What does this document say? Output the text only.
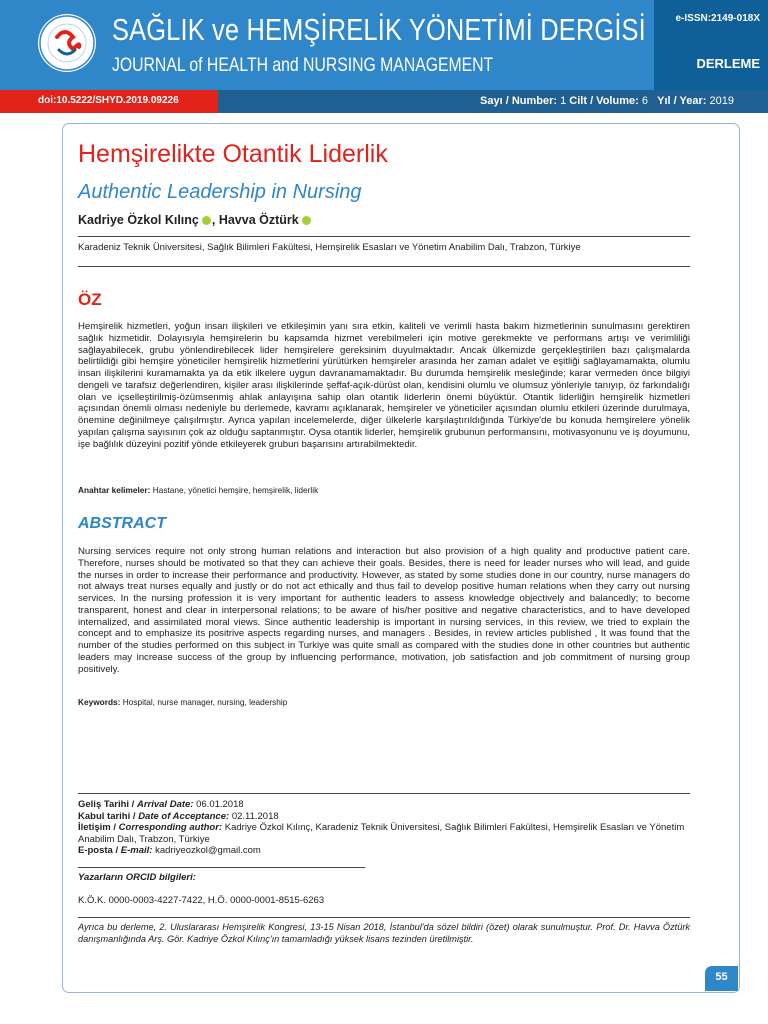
SAĞLIK ve HEMŞİRELİK YÖNETİMİ DERGİSİ
JOURNAL of HEALTH and NURSING MANAGEMENT
e-ISSN:2149-018X
DERLEME
doi:10.5222/SHYD.2019.09226	Sayı / Number: 1 Cilt / Volume: 6 Yıl / Year: 2019
Hemşirelikte Otantik Liderlik
Authentic Leadership in Nursing
Kadriye Özkol Kılınç , Havva Öztürk
Karadeniz Teknik Üniversitesi, Sağlık Bilimleri Fakültesi, Hemşirelik Esasları ve Yönetim Anabilim Dalı, Trabzon, Türkiye
ÖZ
Hemşirelik hizmetleri, yoğun insan ilişkileri ve etkileşimin yanı sıra etkin, kaliteli ve verimli hasta bakım hizmetlerinin sunulmasını gerektiren sağlık hizmetidir. Dolayısıyla hemşirelerin bu kapsamda hizmet verebilmeleri için motive gerekmekte ve performans artışı ve verimliliği sağlayabilecek, grubu yönlendirebilecek lider hemşirelere gereksinim duyulmaktadır. Ancak ülkemizde gerçekleştirilen bazı çalışmalarda belirtildiği gibi hemşire yöneticiler hemşirelik hizmetlerini yürütürken hemşireler arasında her zaman adalet ve eşitliği sağlayamamakta, olumlu insan ilişkilerini kuramamakta ya da etik ilkelere uygun davranamamaktadır. Bu durumda hemşirelik mesleğinde; karar vermeden önce bilgiyi dengeli ve tarafsız değerlendiren, kişiler arası ilişkilerinde şeffaf-açık-dürüst olan, kendisini olumlu ve olumsuz yönleriyle tanıyıp, öz farkındalığı olan ve içselleştirilmiş-özümsenmiş ahlak anlayışına sahip olan otantik liderlerin önemi büyüktür. Otantik liderliğin hemşirelik hizmetleri açısından önemli olması nedeniyle bu derlemede, kavramı açıklanarak, hemşireler ve yöneticiler açısından olumlu etkileri üzerinde durulmaya, önemine değinilmeye çalışılmıştır. Ayrıca yapılan incelemelerde, diğer ülkelerle karşılaştırıldığında Türkiye'de bu konuda hemşirelere yönelik yapılan çalışma sayısının çok az olduğu saptanmıştır. Oysa otantik liderler, hemşirelik grubunun performansını, motivasyonunu ve iş doyumunu, işe bağlılık düzeyini pozitif yönde etkileyerek grubun başarısını artırabilmektedir.
Anahtar kelimeler: Hastane, yönetici hemşire, hemşirelik, liderlik
ABSTRACT
Nursing services require not only strong human relations and interaction but also provision of a high quality and productive patient care. Therefore, nurses should be motivated so that they can achieve their goals. Besides, there is need for leader nurses who will lead, and guide the nurses in order to increase their performance and productivity. However, as stated by some studies done in our country, nurse managers do not always treat nurses equally and justly or do not act ethically and thus fail to develop positive human relations when they carry out nursing services. In the nursing profession it is very important for authentic leaders to assess knowledge objectively and balancedly; to become transparent, honest and clear in interpersonal relations; to be aware of his/her positive and negative characteristics, and to have developed internalized, and assimilated moral views. Since authentic leadership is important in nursing services, in this review, we tried to explain the concept and to emphasize its positrive aspects regarding nurses, and managers . Besides, in review articles published , It was found that the number of the studies performed on this subject in Turkiye was quite small as compared with the studies done in other countries but authentic leaders may increase success of the group by influencing performance, motivation, job satisfaction and job commitment of nursing group positively.
Keywords: Hospital, nurse manager, nursing, leadership
Geliş Tarihi / Arrival Date: 06.01.2018
Kabul tarihi / Date of Acceptance: 02.11.2018
İletişim / Corresponding author: Kadriye Özkol Kılınç, Karadeniz Teknik Üniversitesi, Sağlık Bilimleri Fakültesi, Hemşirelik Esasları ve Yönetim Anabilim Dalı, Trabzon, Türkiye
E-posta / E-mail: kadriyeozkol@gmail.com
Yazarların ORCID bilgileri:
K.Ö.K. 0000-0003-4227-7422, H.Ö. 0000-0001-8515-6263
Ayrıca bu derleme, 2. Uluslararası Hemşirelik Kongresi, 13-15 Nisan 2018, İstanbul'da sözel bildiri (özet) olarak sunulmuştur. Prof. Dr. Havva Öztürk danışmanlığında Arş. Gör. Kadriye Özkol Kılınç'ın tamamladığı yüksek lisans tezinden üretilmiştir.
55
